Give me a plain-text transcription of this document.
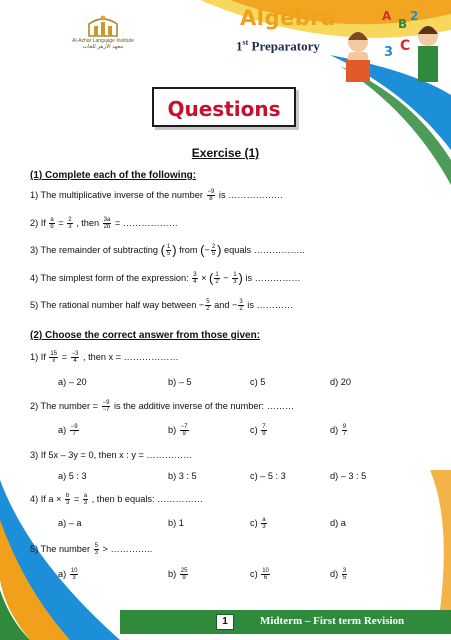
Al-Azhar Language Institute
معهد الأزهر للغات
Algebra
1st Preparatory
A
B
2
C
3
Questions
Exercise (1)
(1) Complete each of the following:
1) The multiplicative inverse of the number $\frac{-9}{8}$ is ………………
2) If $\frac{a}{b} = \frac{2}{3}$ , then $\frac{3a}{2b}$ = ………………
3) The remainder of subtracting ( $\frac{1}{5}$ ) from (− $\frac{2}{5}$ ) equals ……………..
4) The simplest form of the expression: $\frac{3}{4}$ × ( $\frac{1}{2} - \frac{1}{3}$ ) is ……………
5) The rational number half way between − $\frac{5}{2}$ and − $\frac{3}{2}$ is …………
(2) Choose the correct answer from those given:
1) If $\frac{15}{x} = \frac{-3}{4}$ , then x = ………………
a) – 20	b) – 5	c) 5	d) 20
2) The number = $\frac{-9}{-7}$ is the additive inverse of the number: ………
$a) \frac{-9}{7}$	$b) \frac{-7}{9}$	$c) \frac{7}{9}$	$d) \frac{9}{7}$
3) If 5x – 3y = 0, then x : y = ……………
a) 5 : 3	b) 3 : 5	c) – 5 : 3	d) – 3 : 5
4) If $a \times \frac{b}{3} = \frac{a}{3}$ , then b equals: ……………
a) – a	b) 1	$c) \frac{a}{3}$	d) a
5) The number $\frac{5}{3}$ > …………..
$a) \frac{10}{3}$	$b) \frac{25}{9}$	$c) \frac{10}{6}$	$d) \frac{3}{5}$
1	Midterm – First term Revision
